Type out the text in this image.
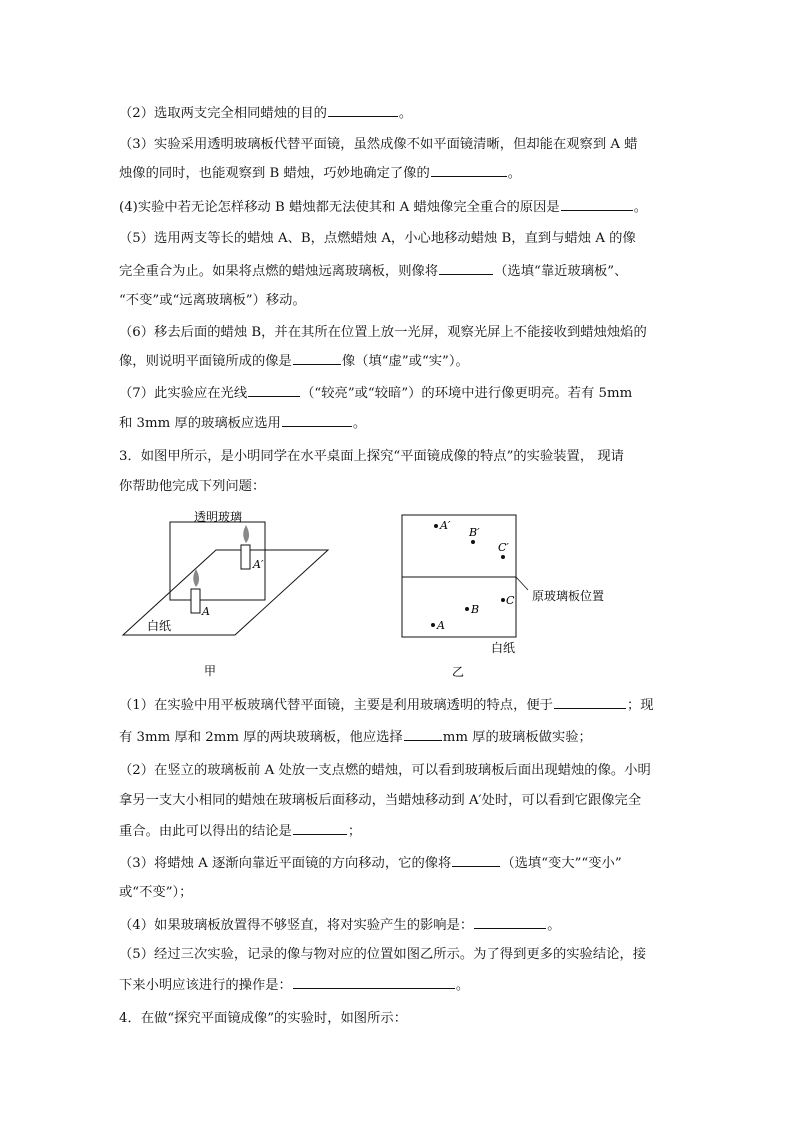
（2）选取两支完全相同蜡烛的目的	。
（3）实验采用透明玻璃板代替平面镜，虽然成像不如平面镜清晰，但却能在观察到 A 蜡
烛像的同时，也能观察到 B 蜡烛，巧妙地确定了像的	。
(4)实验中若无论怎样移动 B 蜡烛都无法使其和 A 蜡烛像完全重合的原因是	。
（5）选用两支等长的蜡烛 A、B，点燃蜡烛 A，小心地移动蜡烛 B，直到与蜡烛 A 的像
完全重合为止。如果将点燃的蜡烛远离玻璃板，则像将	（选填“靠近玻璃板”、
“不变”或“远离玻璃板”）移动。
（6）移去后面的蜡烛 B，并在其所在位置上放一光屏，观察光屏上不能接收到蜡烛烛焰的
像，则说明平面镜所成的像是	像（填“虚”或“实”）。
（7）此实验应在光线	（“较亮”或“较暗”）的环境中进行像更明亮。若有 5mm
和 3mm 厚的玻璃板应选用	。
3．如图甲所示，是小明同学在水平桌面上探究“平面镜成像的特点”的实验装置， 现请
你帮助他完成下列问题：
透明玻璃
A
A′
白纸
甲
A′
B′
C′
C
B
A
原玻璃板位置
白纸
乙
（1）在实验中用平板玻璃代替平面镜，主要是利用玻璃透明的特点，便于	；现
有 3mm 厚和 2mm 厚的两块玻璃板，他应选择	mm 厚的玻璃板做实验；
（2）在竖立的玻璃板前 A 处放一支点燃的蜡烛，可以看到玻璃板后面出现蜡烛的像。小明
拿另一支大小相同的蜡烛在玻璃板后面移动，当蜡烛移动到 A′处时，可以看到它跟像完全
重合。由此可以得出的结论是	；
（3）将蜡烛 A 逐渐向靠近平面镜的方向移动，它的像将	（选填“变大”“变小”
或“不变”）；
（4）如果玻璃板放置得不够竖直，将对实验产生的影响是：	。
（5）经过三次实验，记录的像与物对应的位置如图乙所示。为了得到更多的实验结论，接
下来小明应该进行的操作是：	。
4．在做“探究平面镜成像”的实验时，如图所示：
